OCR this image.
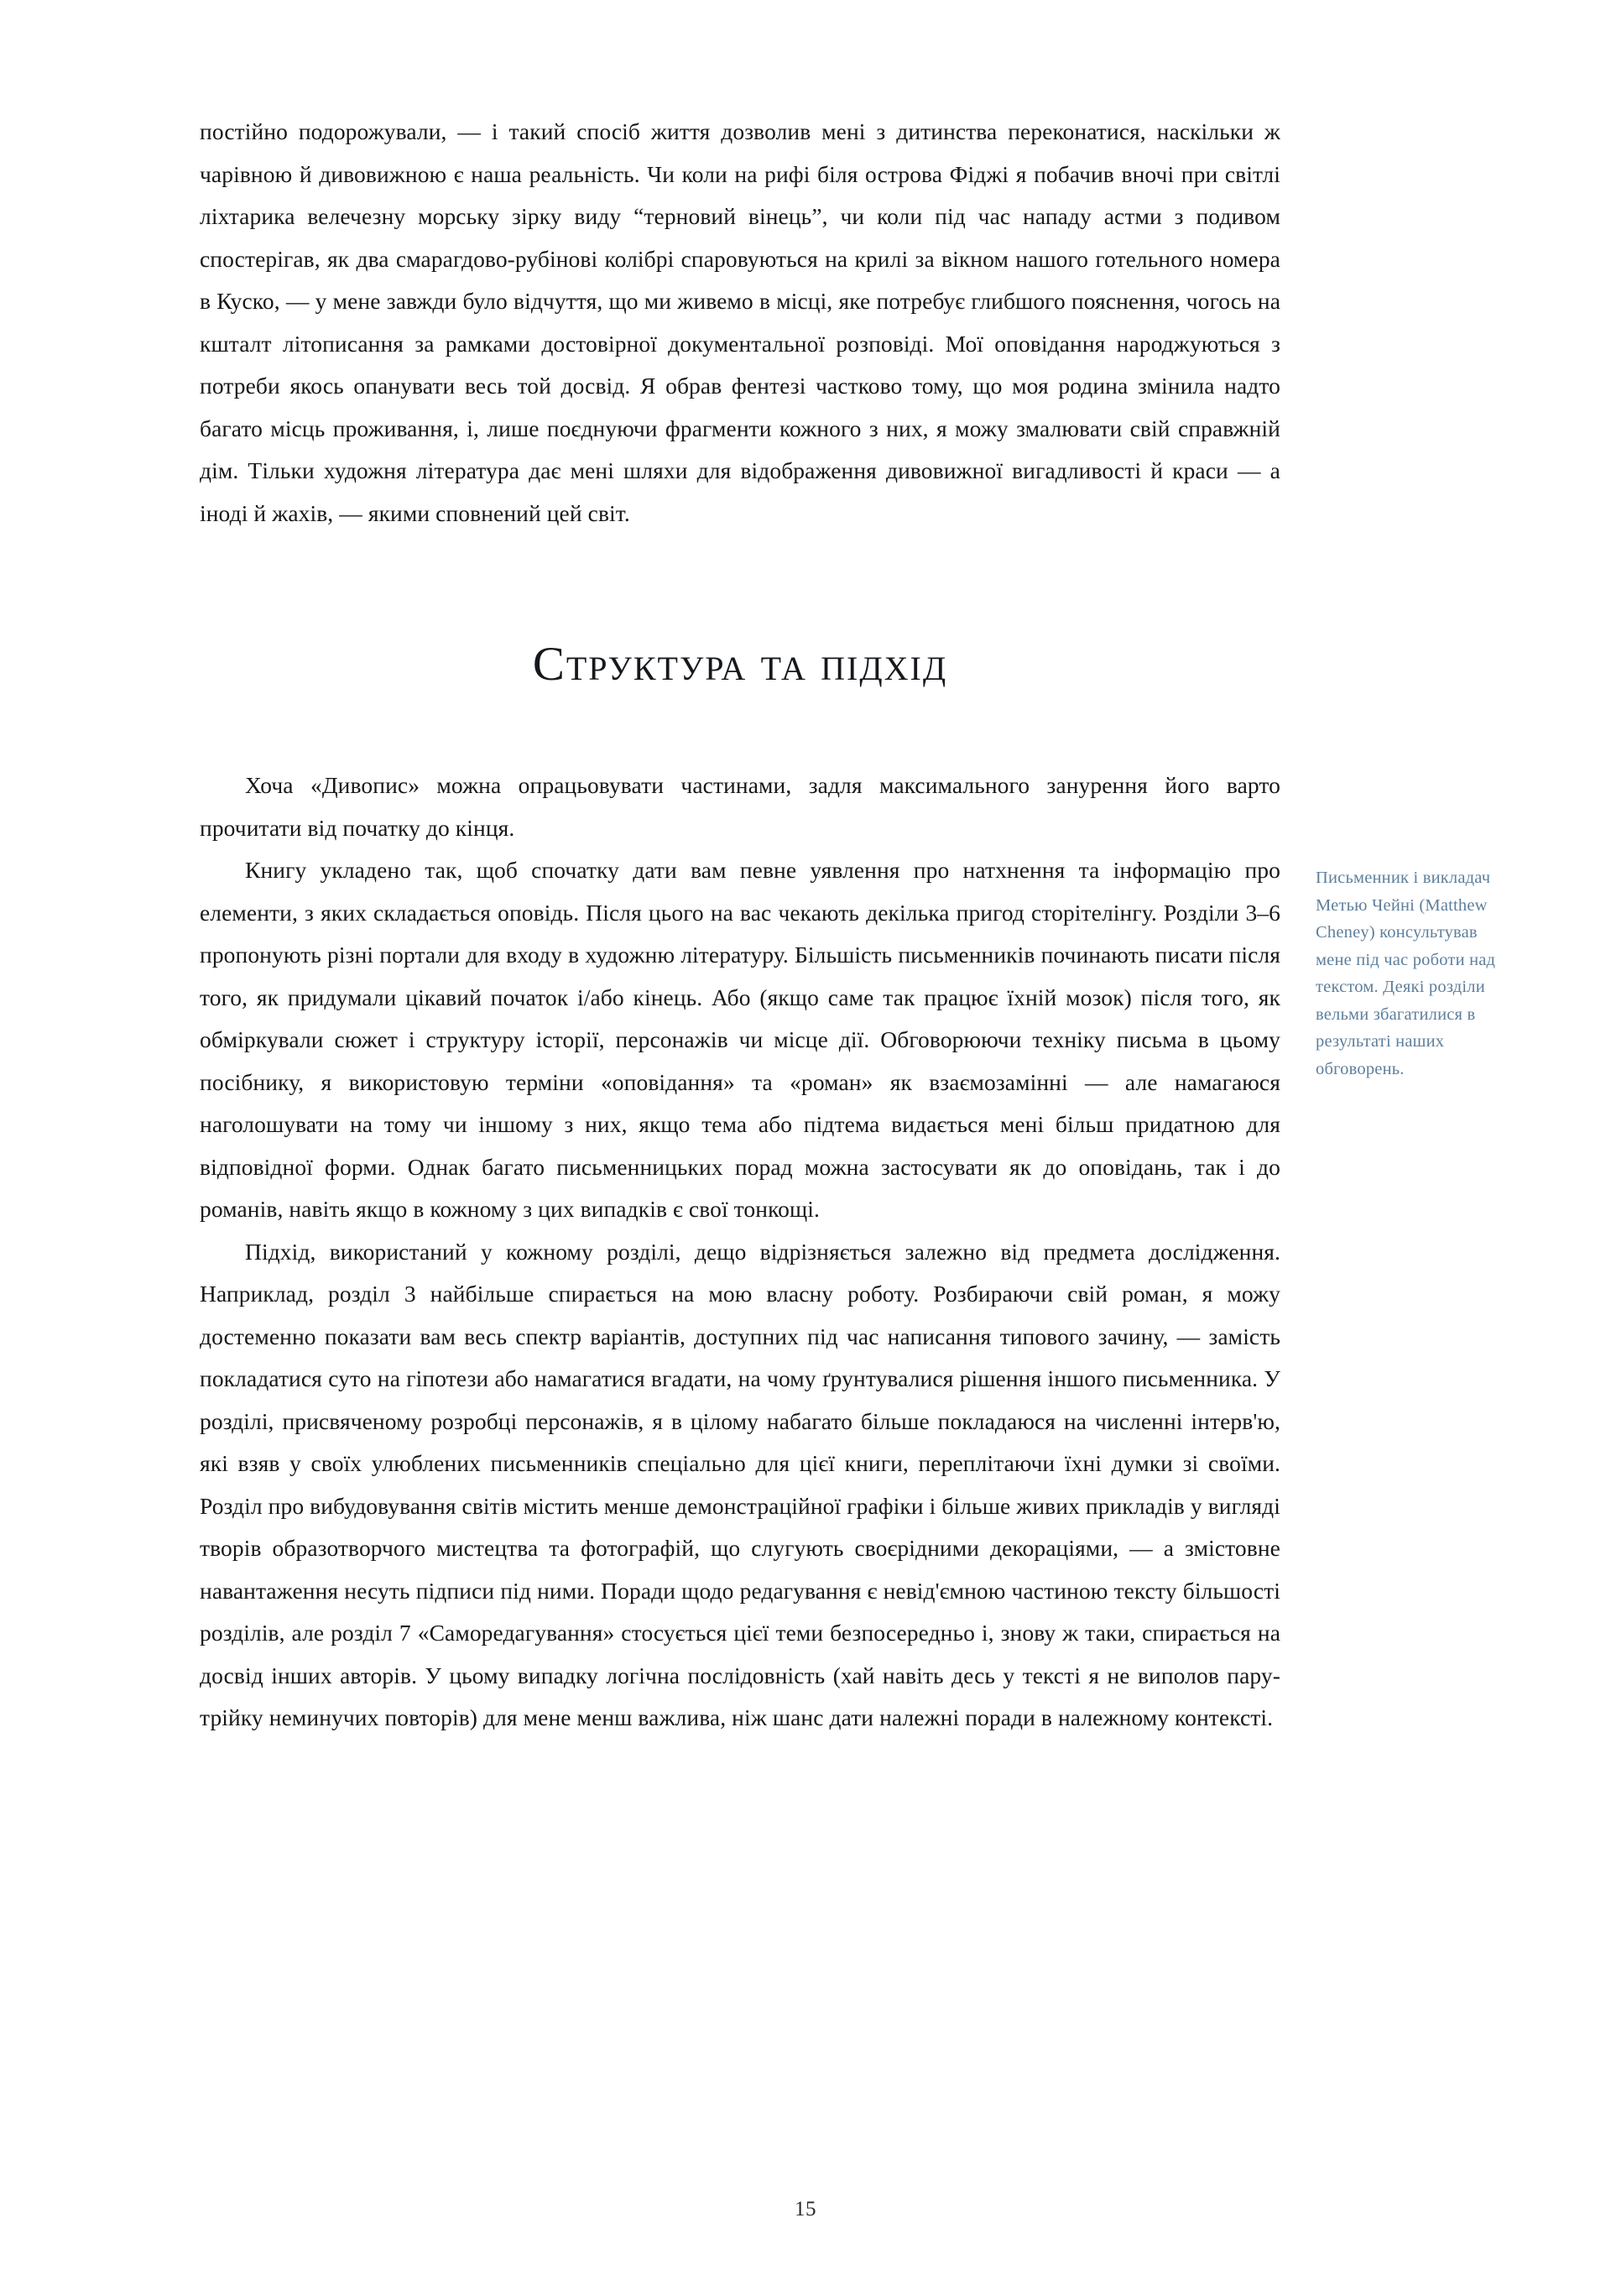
постійно подорожували, — і такий спосіб життя дозволив мені з дитинства переконатися, наскільки ж чарівною й дивовижною є наша реальність. Чи коли на рифі біля острова Фіджі я побачив вночі при світлі ліхтарика велечезну морську зірку виду “терновий вінець”, чи коли під час нападу астми з подивом спостерігав, як два смарагдово-рубінові колібрі спаровуються на крилі за вікном нашого готельного номера в Куско, — у мене завжди було відчуття, що ми живемо в місці, яке потребує глибшого пояснення, чогось на кшталт літописання за рамками достовірної документальної розповіді. Мої оповідання народжуються з потреби якось опанувати весь той досвід. Я обрав фентезі частково тому, що моя родина змінила надто багато місць проживання, і, лише поєднуючи фрагменти кожного з них, я можу змалювати свій справжній дім. Тільки художня література дає мені шляхи для відображення дивовижної вигадливості й краси — а іноді й жахів, — якими сповнений цей світ.

Структура та підхід

Хоча «Дивопис» можна опрацьовувати частинами, задля максимального занурення його варто прочитати від початку до кінця.

Книгу укладено так, щоб спочатку дати вам певне уявлення про натхнення та інформацію про елементи, з яких складається оповідь. Після цього на вас чекають декілька пригод сторітелінгу. Розділи 3–6 пропонують різні портали для входу в художню літературу. Більшість письменників починають писати після того, як придумали цікавий початок і/або кінець. Або (якщо саме так працює їхній мозок) після того, як обміркували сюжет і структуру історії, персонажів чи місце дії. Обговорюючи техніку письма в цьому посібнику, я використовую терміни «оповідання» та «роман» як взаємозамінні — але намагаюся наголошувати на тому чи іншому з них, якщо тема або підтема видається мені більш придатною для відповідної форми. Однак багато письменницьких порад можна застосувати як до оповідань, так і до романів, навіть якщо в кожному з цих випадків є свої тонкощі.

Підхід, використаний у кожному розділі, дещо відрізняється залежно від предмета дослідження. Наприклад, розділ 3 найбільше спирається на мою власну роботу. Розбираючи свій роман, я можу достеменно показати вам весь спектр варіантів, доступних під час написання типового зачину, — замість покладатися суто на гіпотези або намагатися вгадати, на чому ґрунтувалися рішення іншого письменника. У розділі, присвяченому розробці персонажів, я в цілому набагато більше покладаюся на численні інтерв'ю, які взяв у своїх улюблених письменників спеціально для цієї книги, переплітаючи їхні думки зі своїми. Розділ про вибудовування світів містить менше демонстраційної графіки і більше живих прикладів у вигляді творів образотворчого мистецтва та фотографій, що слугують своєрідними декораціями, — а змістовне навантаження несуть підписи під ними. Поради щодо редагування є невід'ємною частиною тексту більшості розділів, але розділ 7 «Саморедагування» стосується цієї теми безпосередньо і, знову ж таки, спирається на досвід інших авторів. У цьому випадку логічна послідовність (хай навіть десь у тексті я не виполов пару-трійку неминучих повторів) для мене менш важлива, ніж шанс дати належні поради в належному контексті.

Письменник і викладач Метью Чейні (Matthew Cheney) консультував мене під час роботи над текстом. Деякі розділи вельми збагатилися в результаті наших обговорень.
15
